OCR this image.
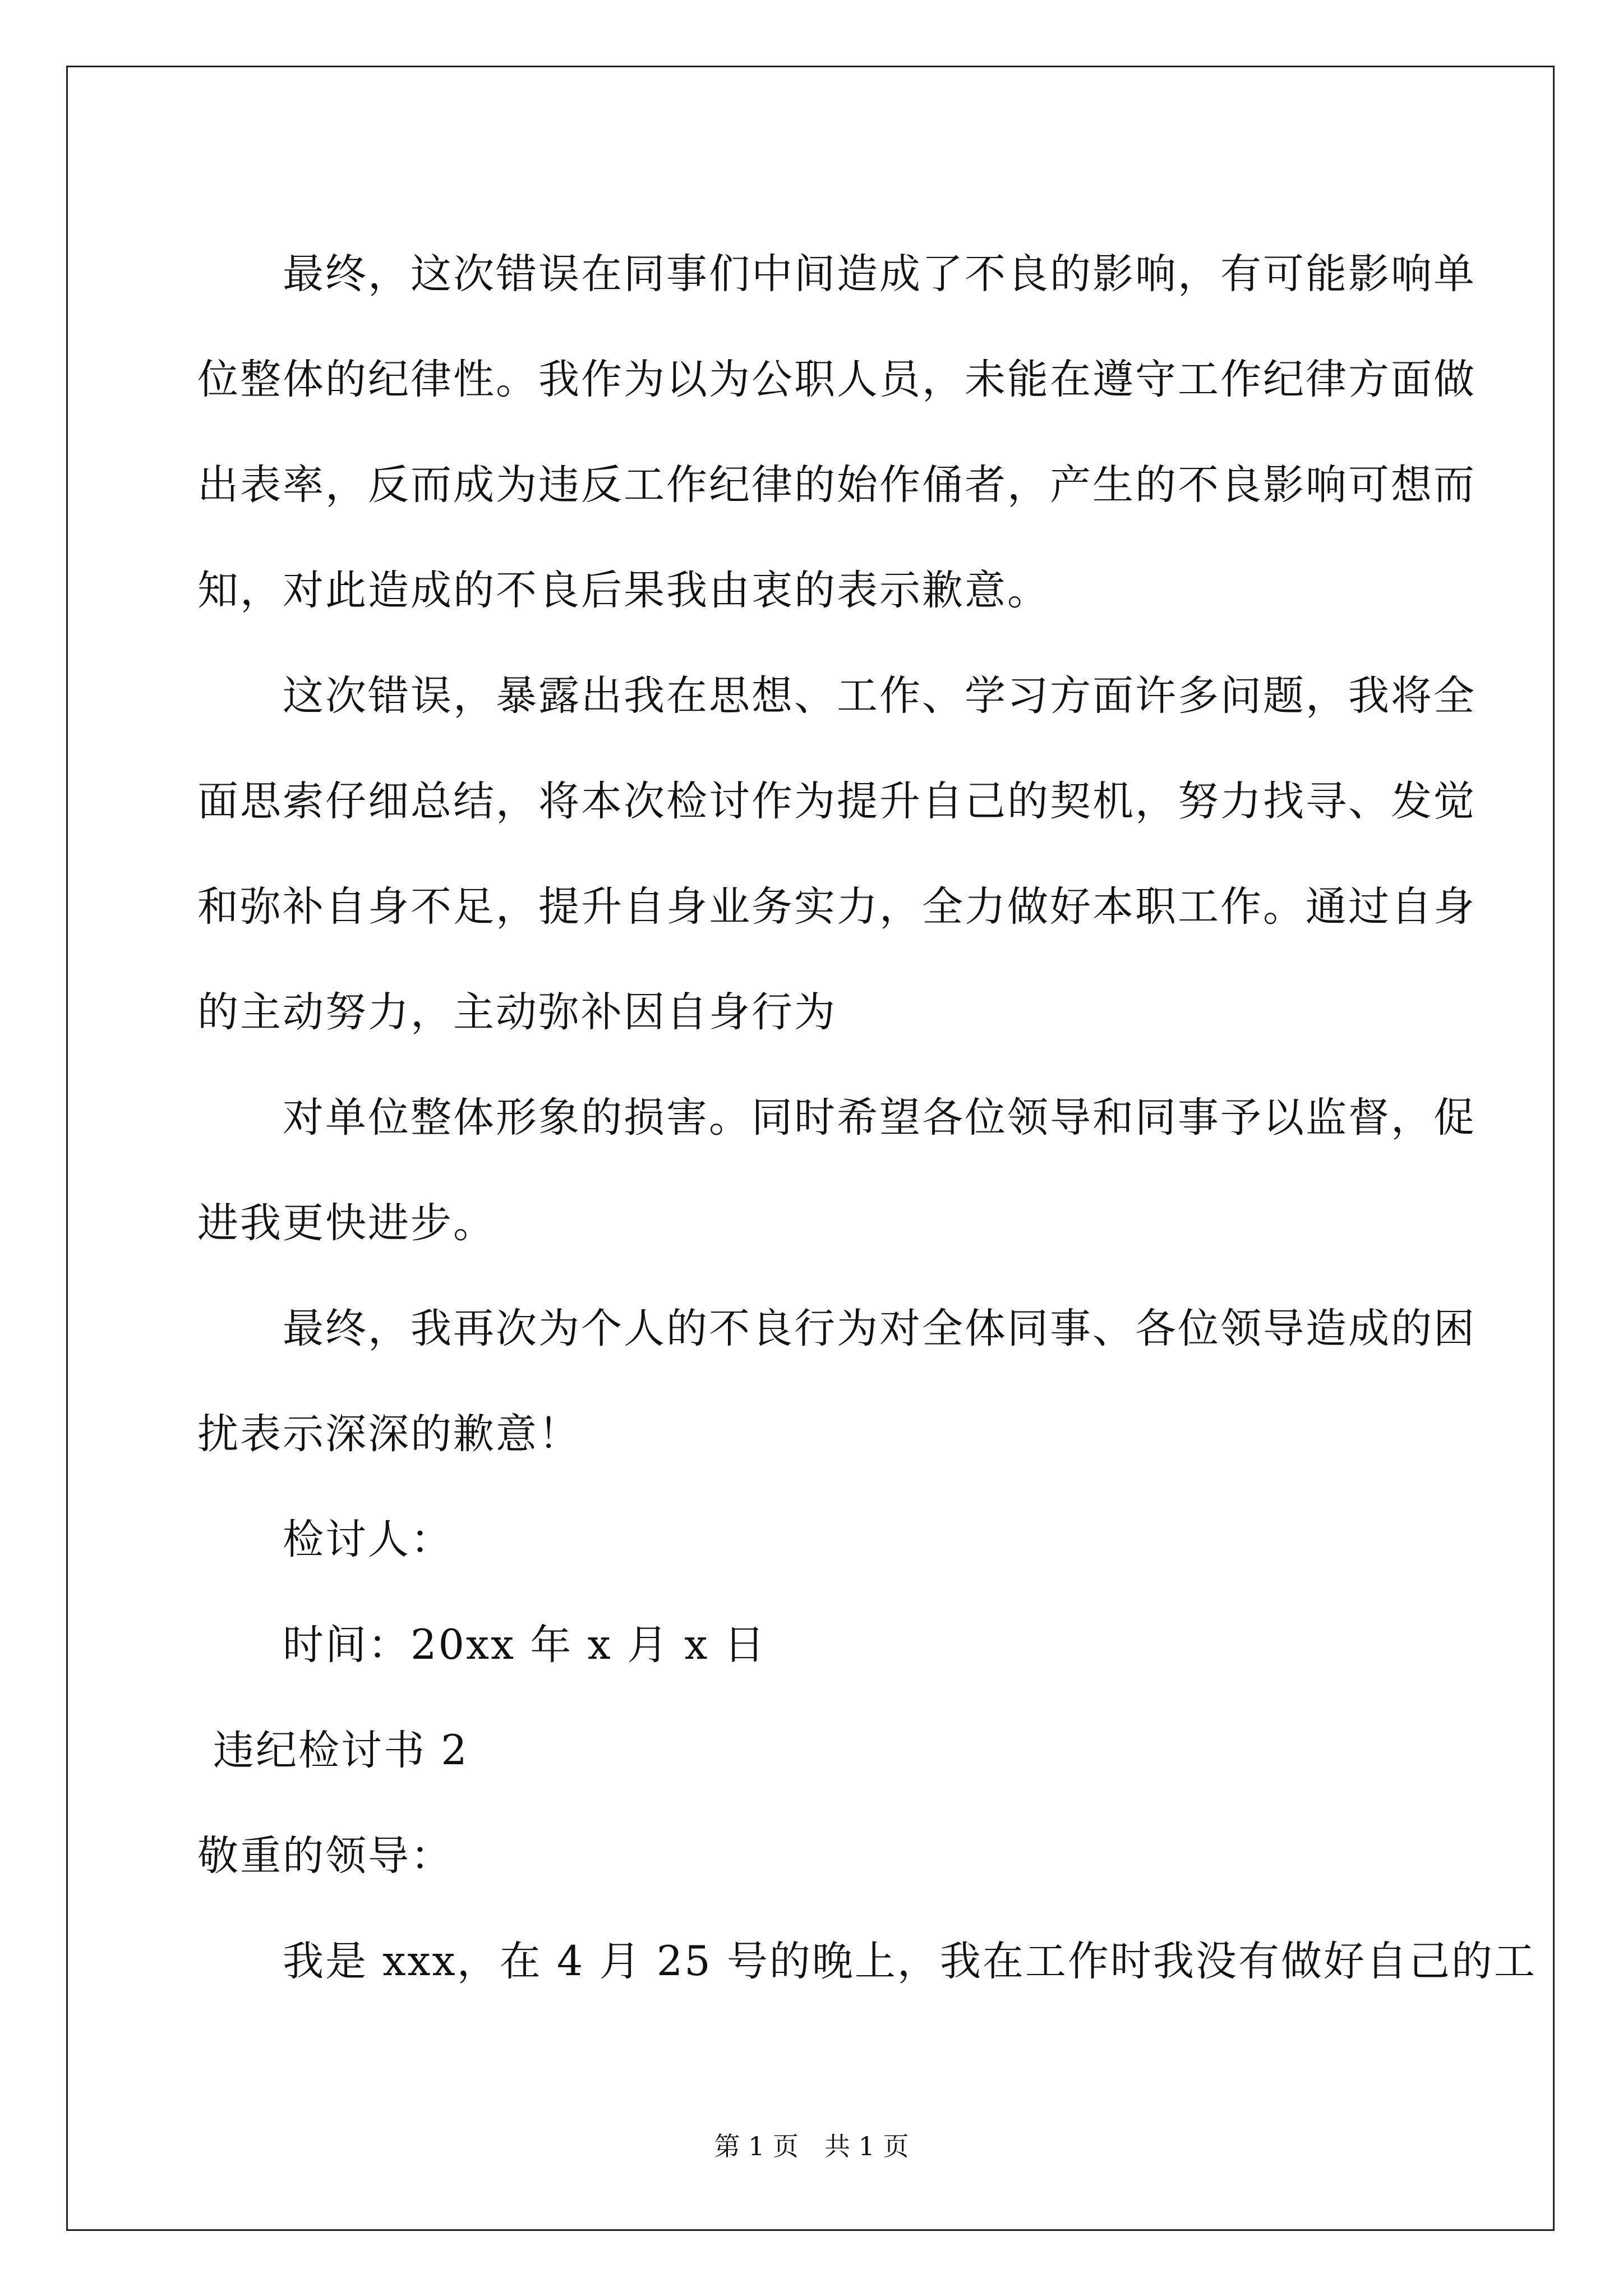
最终，这次错误在同事们中间造成了不良的影响，有可能影响单
位整体的纪律性。我作为以为公职人员，未能在遵守工作纪律方面做
出表率，反而成为违反工作纪律的始作俑者，产生的不良影响可想而
知，对此造成的不良后果我由衷的表示歉意。
这次错误，暴露出我在思想、工作、学习方面许多问题，我将全
面思索仔细总结，将本次检讨作为提升自己的契机，努力找寻、发觉
和弥补自身不足，提升自身业务实力，全力做好本职工作。通过自身
的主动努力，主动弥补因自身行为
对单位整体形象的损害。同时希望各位领导和同事予以监督，促
进我更快进步。
最终，我再次为个人的不良行为对全体同事、各位领导造成的困
扰表示深深的歉意！
检讨人：
时间：20xx 年 x 月 x 日
违纪检讨书 2
敬重的领导：
我是 xxx，在 4 月 25 号的晚上，我在工作时我没有做好自己的工
第 1 页　共 1 页
